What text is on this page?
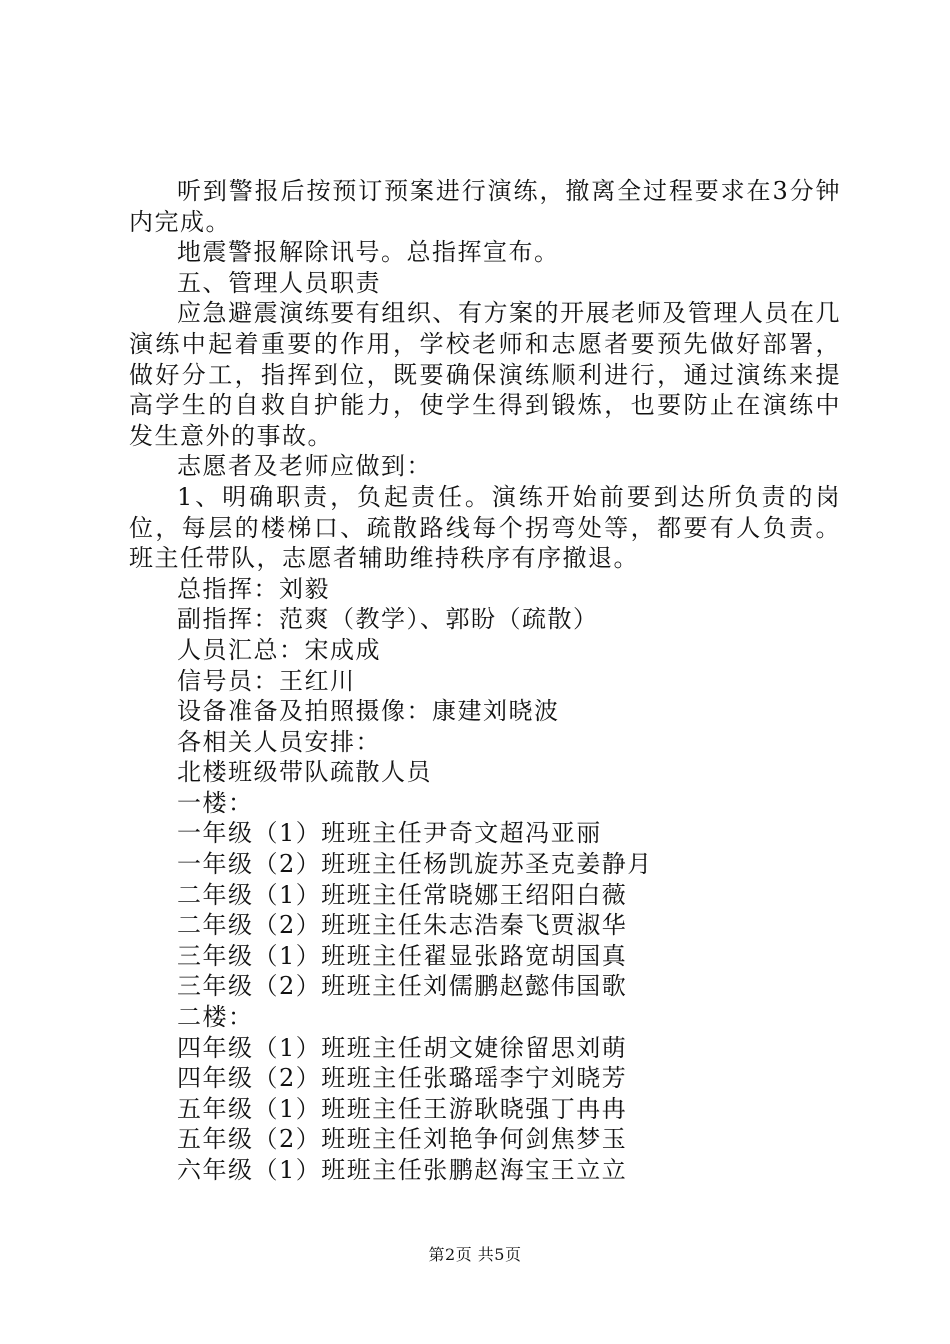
听到警报后按预订预案进行演练，撤离全过程要求在3分钟内完成。

地震警报解除讯号。总指挥宣布。

五、管理人员职责

应急避震演练要有组织、有方案的开展老师及管理人员在几演练中起着重要的作用，学校老师和志愿者要预先做好部署，做好分工，指挥到位，既要确保演练顺利进行，通过演练来提高学生的自救自护能力，使学生得到锻炼，也要防止在演练中发生意外的事故。

志愿者及老师应做到：

1、明确职责，负起责任。演练开始前要到达所负责的岗位，每层的楼梯口、疏散路线每个拐弯处等，都要有人负责。班主任带队，志愿者辅助维持秩序有序撤退。

总指挥：刘毅

副指挥：范爽（教学）、郭盼（疏散）

人员汇总：宋成成

信号员：王红川

设备准备及拍照摄像：康建刘晓波

各相关人员安排：

北楼班级带队疏散人员

一楼：

一年级（1）班班主任尹奇文超冯亚丽

一年级（2）班班主任杨凯旋苏圣克姜静月

二年级（1）班班主任常晓娜王绍阳白薇

二年级（2）班班主任朱志浩秦飞贾淑华

三年级（1）班班主任翟显张路宽胡国真

三年级（2）班班主任刘儒鹏赵懿伟国歌

二楼：

四年级（1）班班主任胡文婕徐留思刘萌

四年级（2）班班主任张璐瑶李宁刘晓芳

五年级（1）班班主任王游耿晓强丁冉冉

五年级（2）班班主任刘艳争何剑焦梦玉

六年级（1）班班主任张鹏赵海宝王立立

第2页 共5页
